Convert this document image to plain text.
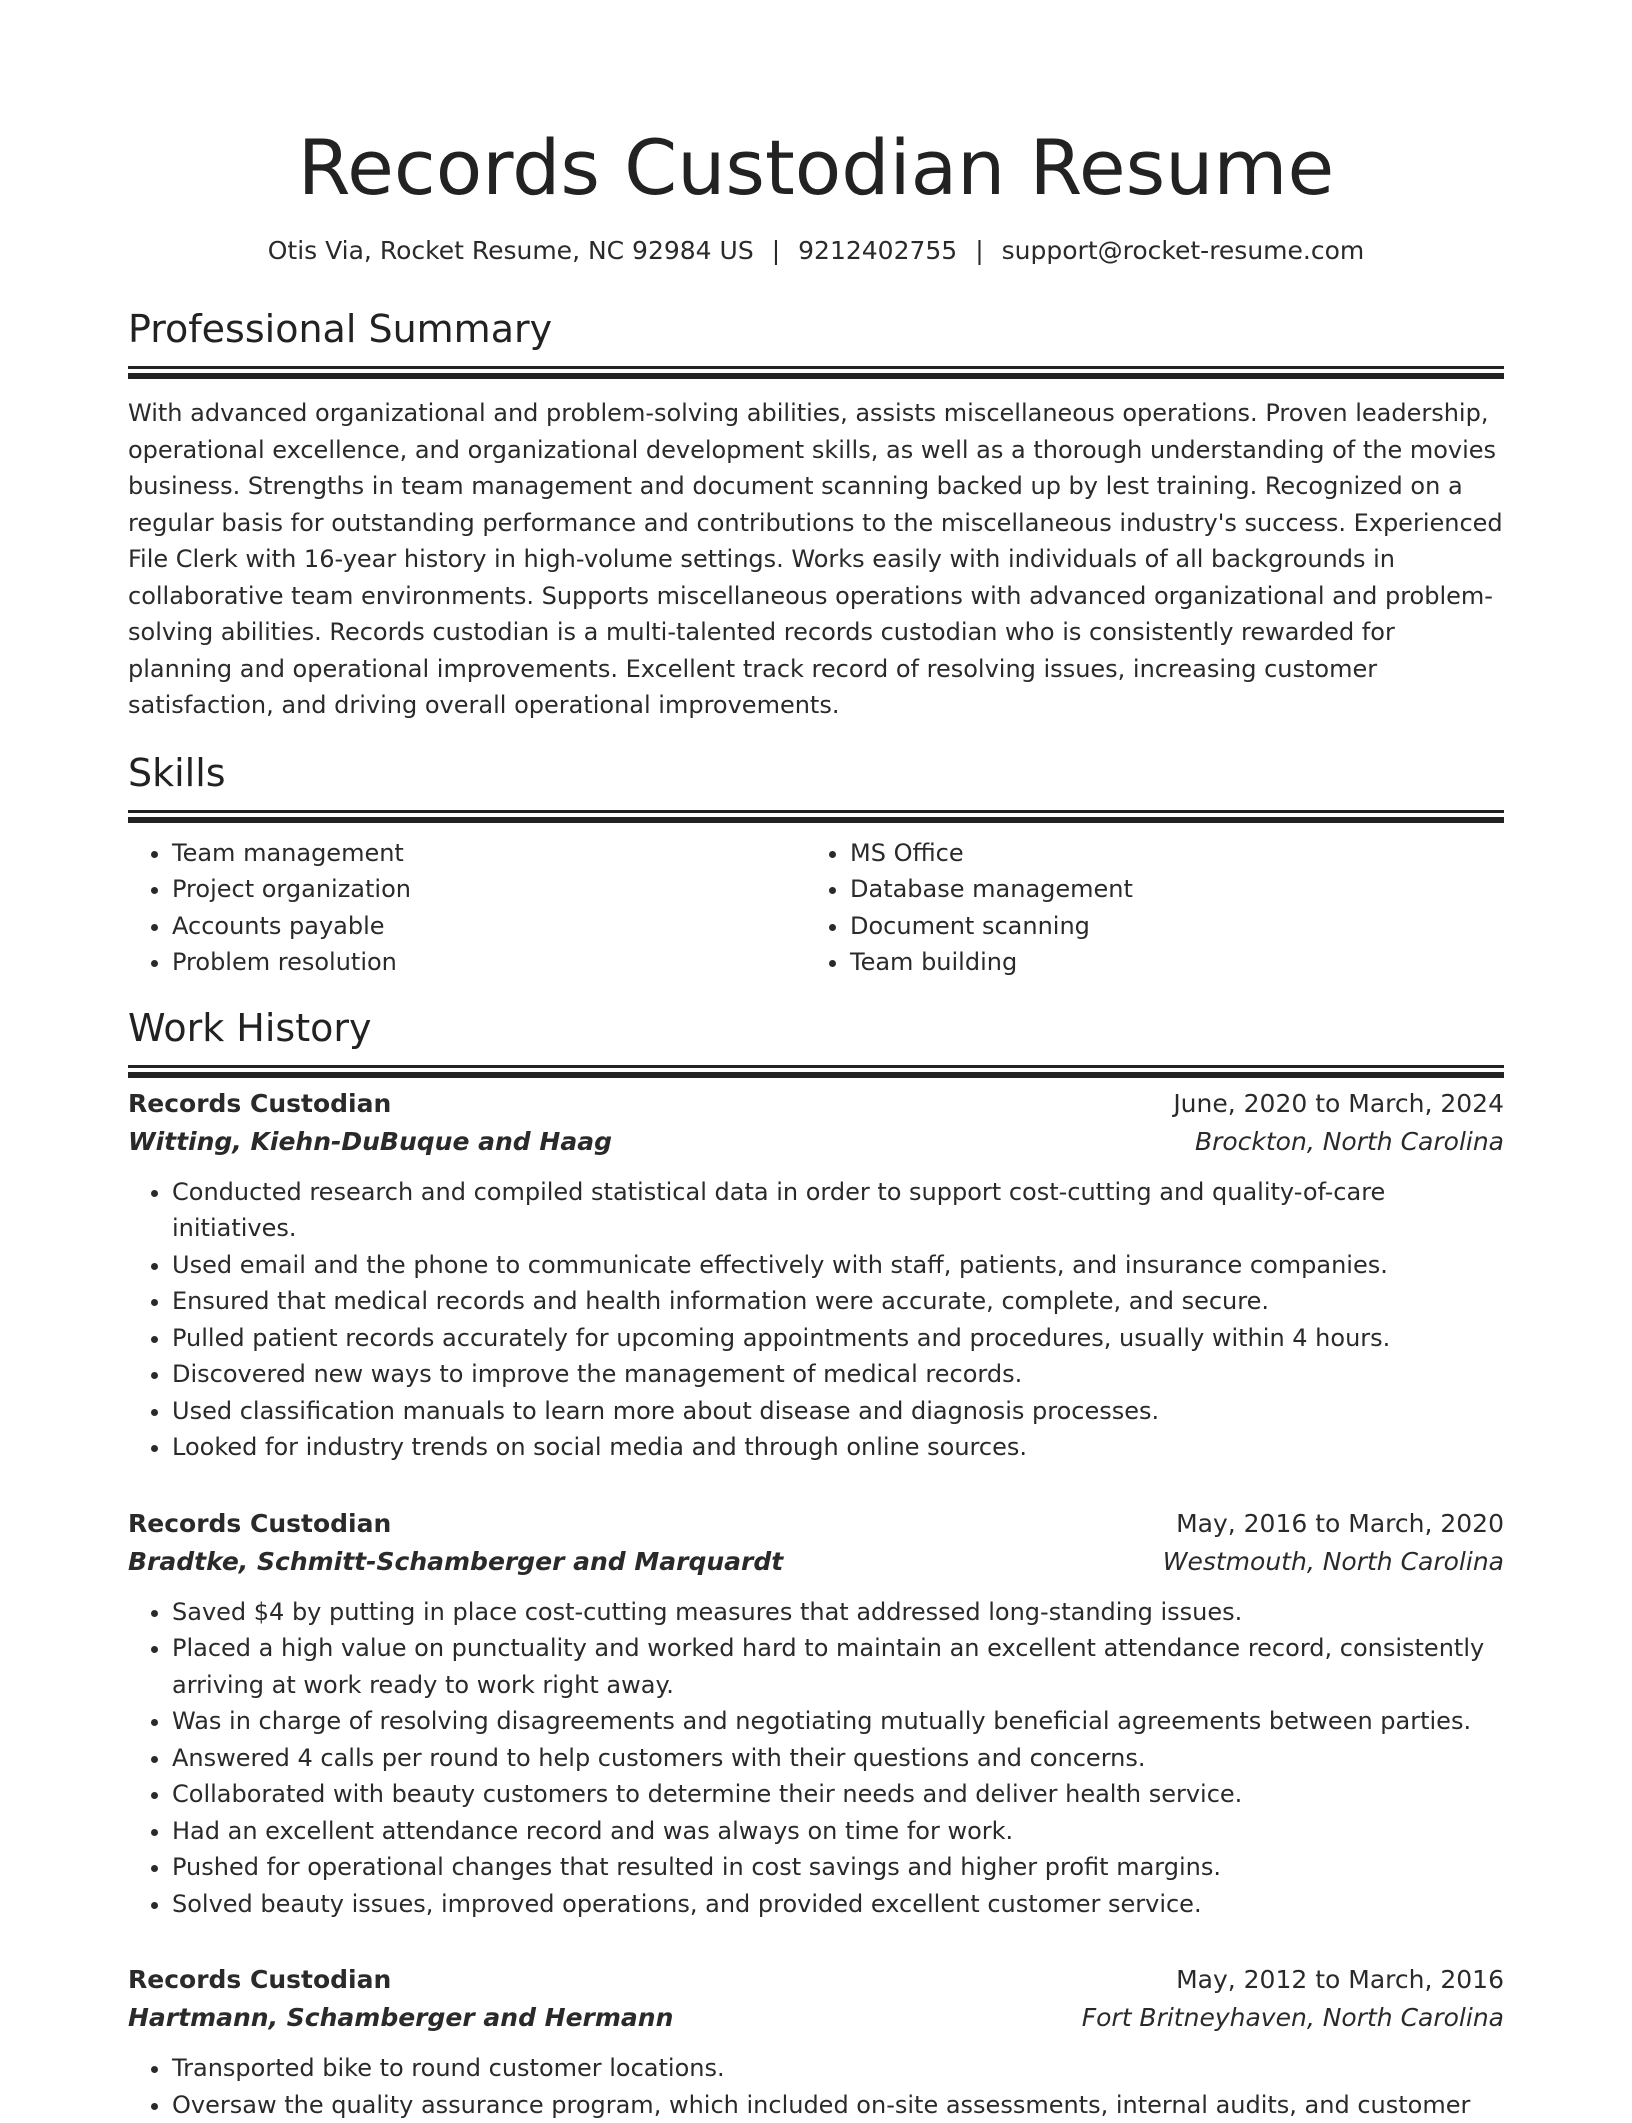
Records Custodian Resume
Otis Via, Rocket Resume, NC 92984 US | 9212402755 | support@rocket-resume.com
Professional Summary

With advanced organizational and problem-solving abilities, assists miscellaneous operations. Proven leadership, operational excellence, and organizational development skills, as well as a thorough understanding of the movies business. Strengths in team management and document scanning backed up by lest training. Recognized on a regular basis for outstanding performance and contributions to the miscellaneous industry's success. Experienced File Clerk with 16-year history in high-volume settings. Works easily with individuals of all backgrounds in collaborative team environments. Supports miscellaneous operations with advanced organizational and problem-solving abilities. Records custodian is a multi-talented records custodian who is consistently rewarded for planning and operational improvements. Excellent track record of resolving issues, increasing customer satisfaction, and driving overall operational improvements.

Skills
• Team management
• Project organization
• Accounts payable
• Problem resolution
• MS Office
• Database management
• Document scanning
• Team building
Work History
Records Custodian	June, 2020 to March, 2024
Witting, Kiehn-DuBuque and Haag	Brockton, North Carolina
• Conducted research and compiled statistical data in order to support cost-cutting and quality-of-care initiatives.
• Used email and the phone to communicate effectively with staff, patients, and insurance companies.
• Ensured that medical records and health information were accurate, complete, and secure.
• Pulled patient records accurately for upcoming appointments and procedures, usually within 4 hours.
• Discovered new ways to improve the management of medical records.
• Used classification manuals to learn more about disease and diagnosis processes.
• Looked for industry trends on social media and through online sources.
Records Custodian	May, 2016 to March, 2020
Bradtke, Schmitt-Schamberger and Marquardt	Westmouth, North Carolina
• Saved $4 by putting in place cost-cutting measures that addressed long-standing issues.
• Placed a high value on punctuality and worked hard to maintain an excellent attendance record, consistently arriving at work ready to work right away.
• Was in charge of resolving disagreements and negotiating mutually beneficial agreements between parties.
• Answered 4 calls per round to help customers with their questions and concerns.
• Collaborated with beauty customers to determine their needs and deliver health service.
• Had an excellent attendance record and was always on time for work.
• Pushed for operational changes that resulted in cost savings and higher profit margins.
• Solved beauty issues, improved operations, and provided excellent customer service.
Records Custodian	May, 2012 to March, 2016
Hartmann, Schamberger and Hermann	Fort Britneyhaven, North Carolina
• Transported bike to round customer locations.
• Oversaw the quality assurance program, which included on-site assessments, internal audits, and customer
